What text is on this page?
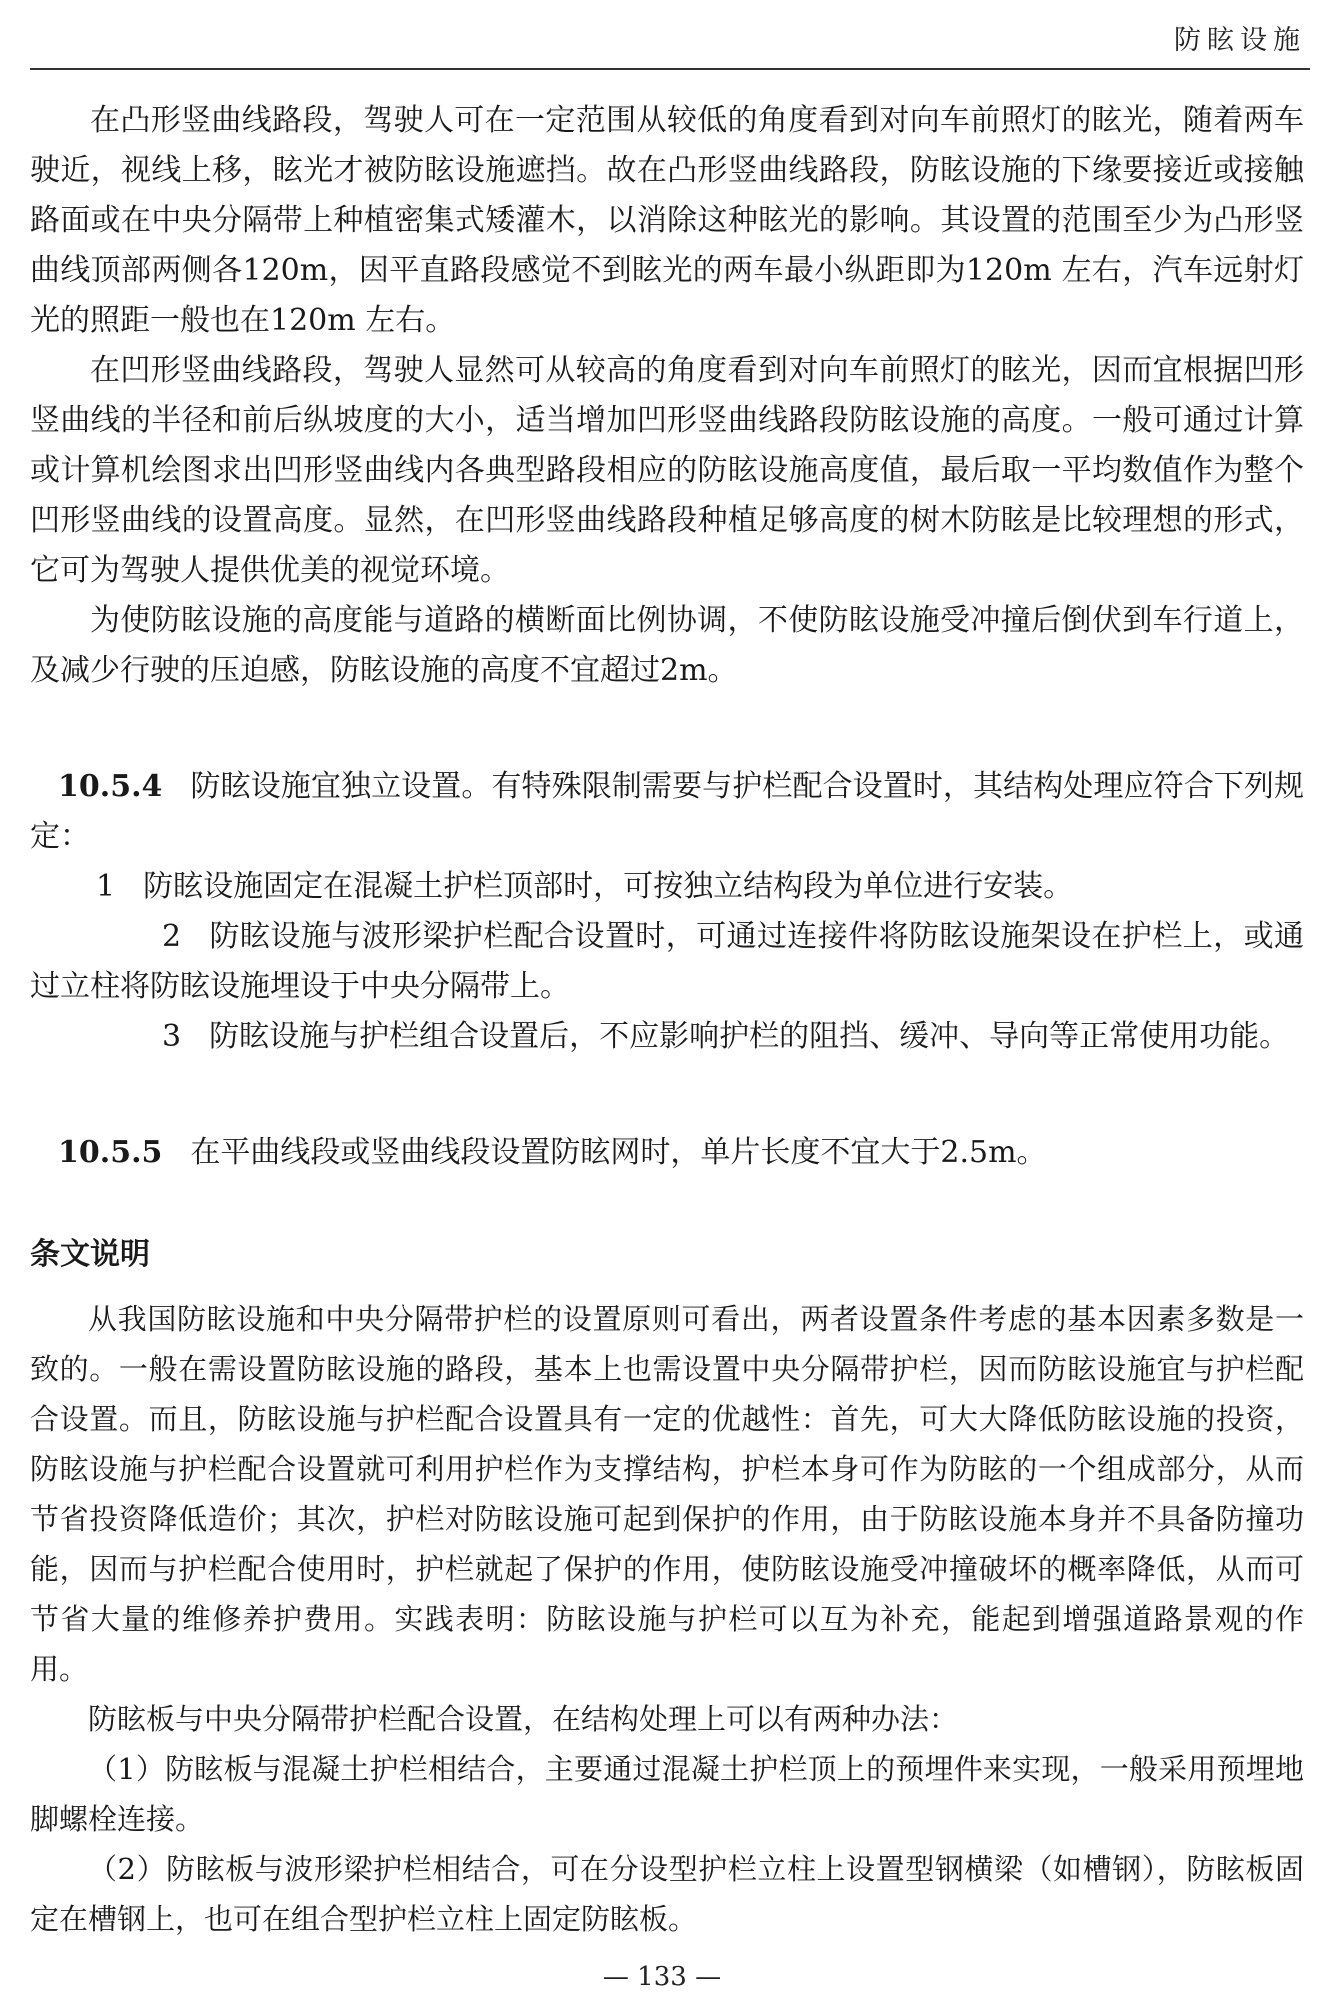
防眩设施

在凸形竖曲线路段，驾驶人可在一定范围从较低的角度看到对向车前照灯的眩光，随着两车驶近，视线上移，眩光才被防眩设施遮挡。故在凸形竖曲线路段，防眩设施的下缘要接近或接触路面或在中央分隔带上种植密集式矮灌木，以消除这种眩光的影响。其设置的范围至少为凸形竖曲线顶部两侧各120m，因平直路段感觉不到眩光的两车最小纵距即为120m 左右，汽车远射灯光的照距一般也在120m 左右。

在凹形竖曲线路段，驾驶人显然可从较高的角度看到对向车前照灯的眩光，因而宜根据凹形竖曲线的半径和前后纵坡度的大小，适当增加凹形竖曲线路段防眩设施的高度。一般可通过计算或计算机绘图求出凹形竖曲线内各典型路段相应的防眩设施高度值，最后取一平均数值作为整个凹形竖曲线的设置高度。显然，在凹形竖曲线路段种植足够高度的树木防眩是比较理想的形式，它可为驾驶人提供优美的视觉环境。

为使防眩设施的高度能与道路的横断面比例协调，不使防眩设施受冲撞后倒伏到车行道上，及减少行驶的压迫感，防眩设施的高度不宜超过2m。

10.5.4 防眩设施宜独立设置。有特殊限制需要与护栏配合设置时，其结构处理应符合下列规定：

1 防眩设施固定在混凝土护栏顶部时，可按独立结构段为单位进行安装。

2 防眩设施与波形梁护栏配合设置时，可通过连接件将防眩设施架设在护栏上，或通过立柱将防眩设施埋设于中央分隔带上。

3 防眩设施与护栏组合设置后，不应影响护栏的阻挡、缓冲、导向等正常使用功能。

10.5.5 在平曲线段或竖曲线段设置防眩网时，单片长度不宜大于2.5m。

条文说明

从我国防眩设施和中央分隔带护栏的设置原则可看出，两者设置条件考虑的基本因素多数是一致的。一般在需设置防眩设施的路段，基本上也需设置中央分隔带护栏，因而防眩设施宜与护栏配合设置。而且，防眩设施与护栏配合设置具有一定的优越性：首先，可大大降低防眩设施的投资，防眩设施与护栏配合设置就可利用护栏作为支撑结构，护栏本身可作为防眩的一个组成部分，从而节省投资降低造价；其次，护栏对防眩设施可起到保护的作用，由于防眩设施本身并不具备防撞功能，因而与护栏配合使用时，护栏就起了保护的作用，使防眩设施受冲撞破坏的概率降低，从而可节省大量的维修养护费用。实践表明：防眩设施与护栏可以互为补充，能起到增强道路景观的作用。

防眩板与中央分隔带护栏配合设置，在结构处理上可以有两种办法：

（1）防眩板与混凝土护栏相结合，主要通过混凝土护栏顶上的预埋件来实现，一般采用预埋地脚螺栓连接。

（2）防眩板与波形梁护栏相结合，可在分设型护栏立柱上设置型钢横梁（如槽钢），防眩板固定在槽钢上，也可在组合型护栏立柱上固定防眩板。

— 133 —
